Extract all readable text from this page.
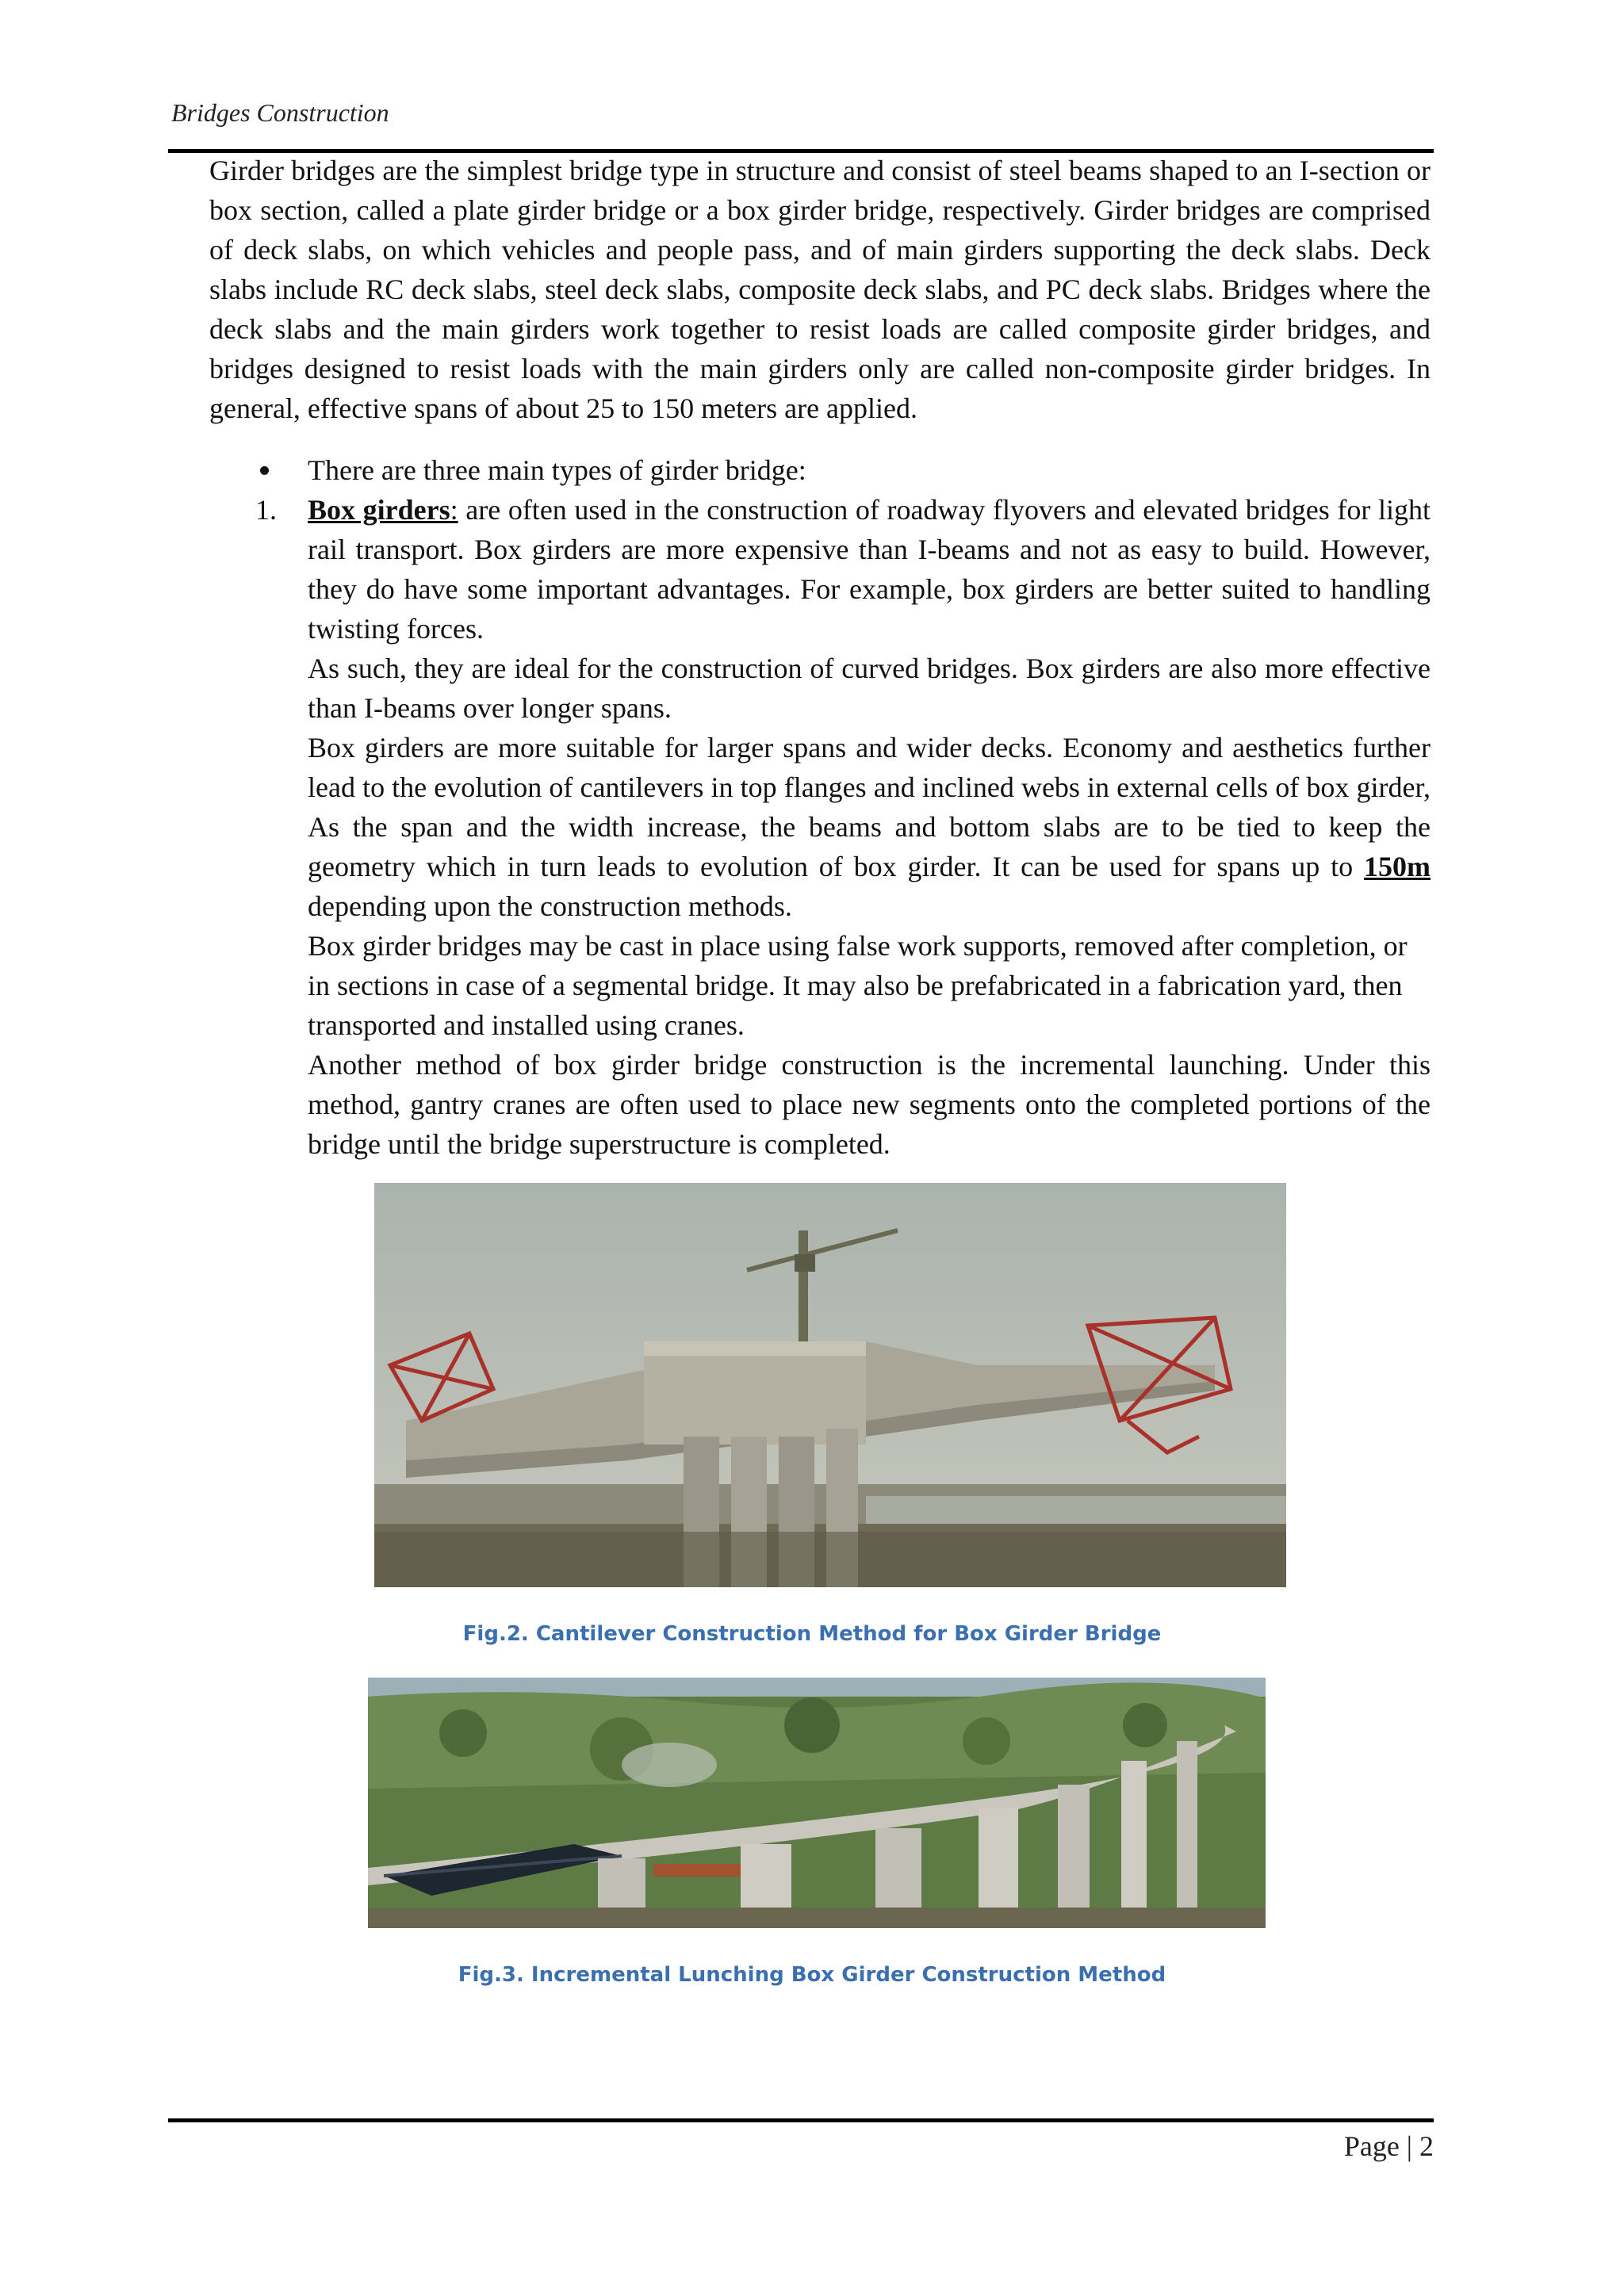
Bridges Construction

Girder bridges are the simplest bridge type in structure and consist of steel beams shaped to an I-section or box section, called a plate girder bridge or a box girder bridge, respectively. Girder bridges are comprised of deck slabs, on which vehicles and people pass, and of main girders supporting the deck slabs. Deck slabs include RC deck slabs, steel deck slabs, composite deck slabs, and PC deck slabs. Bridges where the deck slabs and the main girders work together to resist loads are called composite girder bridges, and bridges designed to resist loads with the main girders only are called non-composite girder bridges. In general, effective spans of about 25 to 150 meters are applied.

There are three main types of girder bridge:

1. Box girders: are often used in the construction of roadway flyovers and elevated bridges for light rail transport. Box girders are more expensive than I-beams and not as easy to build. However, they do have some important advantages. For example, box girders are better suited to handling twisting forces.

As such, they are ideal for the construction of curved bridges. Box girders are also more effective than I-beams over longer spans.

Box girders are more suitable for larger spans and wider decks. Economy and aesthetics further lead to the evolution of cantilevers in top flanges and inclined webs in external cells of box girder, As the span and the width increase, the beams and bottom slabs are to be tied to keep the geometry which in turn leads to evolution of box girder. It can be used for spans up to 150m depending upon the construction methods.

Box girder bridges may be cast in place using false work supports, removed after completion, or in sections in case of a segmental bridge. It may also be prefabricated in a fabrication yard, then transported and installed using cranes.

Another method of box girder bridge construction is the incremental launching. Under this method, gantry cranes are often used to place new segments onto the completed portions of the bridge until the bridge superstructure is completed.

Fig.2. Cantilever Construction Method for Box Girder Bridge
Fig.3. Incremental Lunching Box Girder Construction Method
Page | 2
